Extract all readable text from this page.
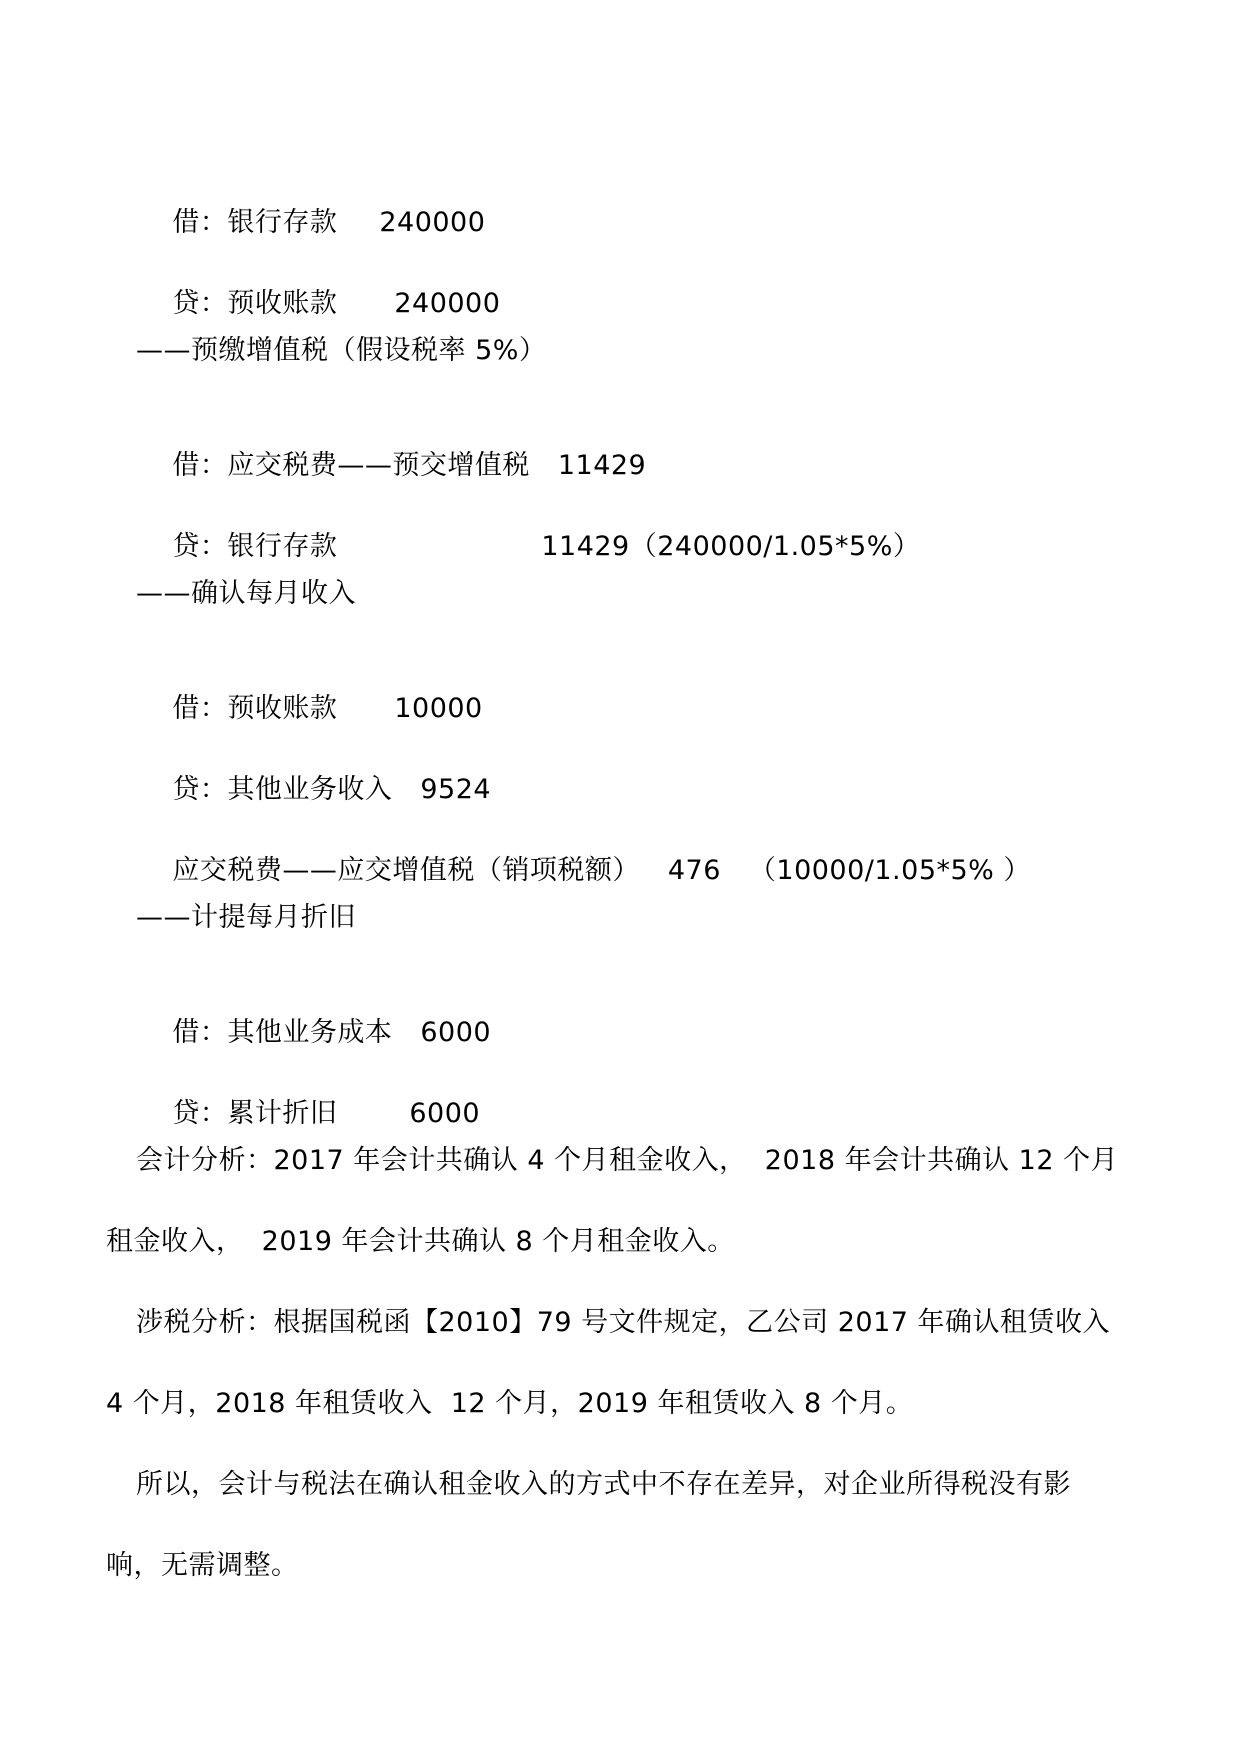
借：银行存款 240000

贷：预收账款 240000

——预缴增值税（假设税率 5%）

借：应交税费——预交增值税 11429

贷：银行存款	11429（240000/1.05*5%）

——确认每月收入

借：预收账款 10000

贷：其他业务收入 9524

应交税费——应交增值税（销项税额） 476 （10000/1.05*5% ）

——计提每月折旧

借：其他业务成本 6000

贷：累计折旧	6000

会计分析：2017 年会计共确认 4 个月租金收入，  2018 年会计共确认 12 个月
租金收入，  2019 年会计共确认 8 个月租金收入。
涉税分析：根据国税函【2010】79 号文件规定，乙公司 2017 年确认租赁收入
4 个月，2018 年租赁收入  12 个月，2019 年租赁收入 8 个月。
所以，会计与税法在确认租金收入的方式中不存在差异，对企业所得税没有影
响，无需调整。
